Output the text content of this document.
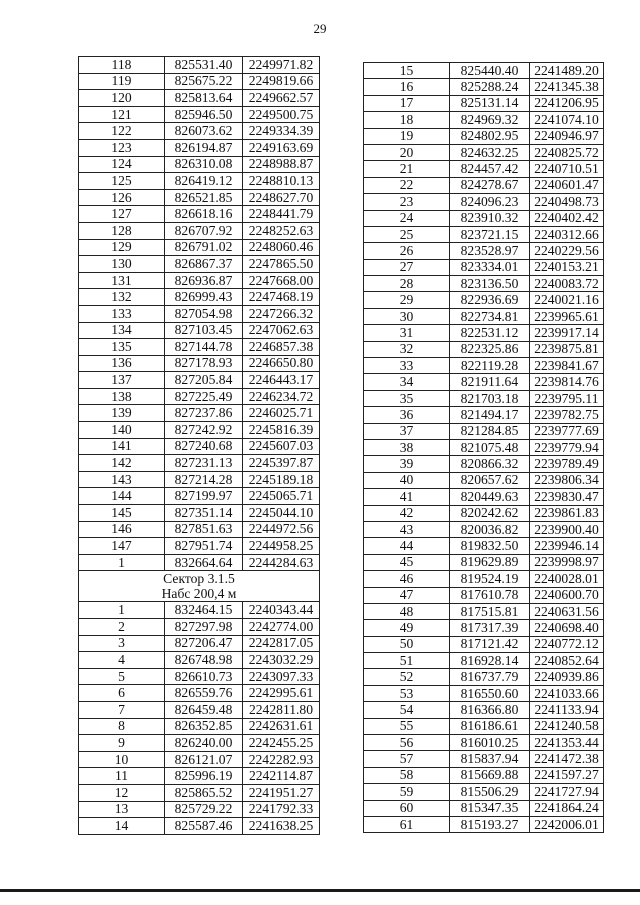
29
118	825531.40	2249971.82
119	825675.22	2249819.66
120	825813.64	2249662.57
121	825946.50	2249500.75
122	826073.62	2249334.39
123	826194.87	2249163.69
124	826310.08	2248988.87
125	826419.12	2248810.13
126	826521.85	2248627.70
127	826618.16	2248441.79
128	826707.92	2248252.63
129	826791.02	2248060.46
130	826867.37	2247865.50
131	826936.87	2247668.00
132	826999.43	2247468.19
133	827054.98	2247266.32
134	827103.45	2247062.63
135	827144.78	2246857.38
136	827178.93	2246650.80
137	827205.84	2246443.17
138	827225.49	2246234.72
139	827237.86	2246025.71
140	827242.92	2245816.39
141	827240.68	2245607.03
142	827231.13	2245397.87
143	827214.28	2245189.18
144	827199.97	2245065.71
145	827351.14	2245044.10
146	827851.63	2244972.56
147	827951.74	2244958.25
1	832664.64	2244284.63

Сектор 3.1.5
Набс 200,4 м		

1	832464.15	2240343.44
2	827297.98	2242774.00
3	827206.47	2242817.05
4	826748.98	2243032.29
5	826610.73	2243097.33
6	826559.76	2242995.61
7	826459.48	2242811.80
8	826352.85	2242631.61
9	826240.00	2242455.25
10	826121.07	2242282.93
11	825996.19	2242114.87
12	825865.52	2241951.27
13	825729.22	2241792.33
14	825587.46	2241638.25
15	825440.40	2241489.20
16	825288.24	2241345.38
17	825131.14	2241206.95
18	824969.32	2241074.10
19	824802.95	2240946.97
20	824632.25	2240825.72
21	824457.42	2240710.51
22	824278.67	2240601.47
23	824096.23	2240498.73
24	823910.32	2240402.42
25	823721.15	2240312.66
26	823528.97	2240229.56
27	823334.01	2240153.21
28	823136.50	2240083.72
29	822936.69	2240021.16
30	822734.81	2239965.61
31	822531.12	2239917.14
32	822325.86	2239875.81
33	822119.28	2239841.67
34	821911.64	2239814.76
35	821703.18	2239795.11
36	821494.17	2239782.75
37	821284.85	2239777.69
38	821075.48	2239779.94
39	820866.32	2239789.49
40	820657.62	2239806.34
41	820449.63	2239830.47
42	820242.62	2239861.83
43	820036.82	2239900.40
44	819832.50	2239946.14
45	819629.89	2239998.97
46	819524.19	2240028.01
47	817610.78	2240600.70
48	817515.81	2240631.56
49	817317.39	2240698.40
50	817121.42	2240772.12
51	816928.14	2240852.64
52	816737.79	2240939.86
53	816550.60	2241033.66
54	816366.80	2241133.94
55	816186.61	2241240.58
56	816010.25	2241353.44
57	815837.94	2241472.38
58	815669.88	2241597.27
59	815506.29	2241727.94
60	815347.35	2241864.24
61	815193.27	2242006.01
